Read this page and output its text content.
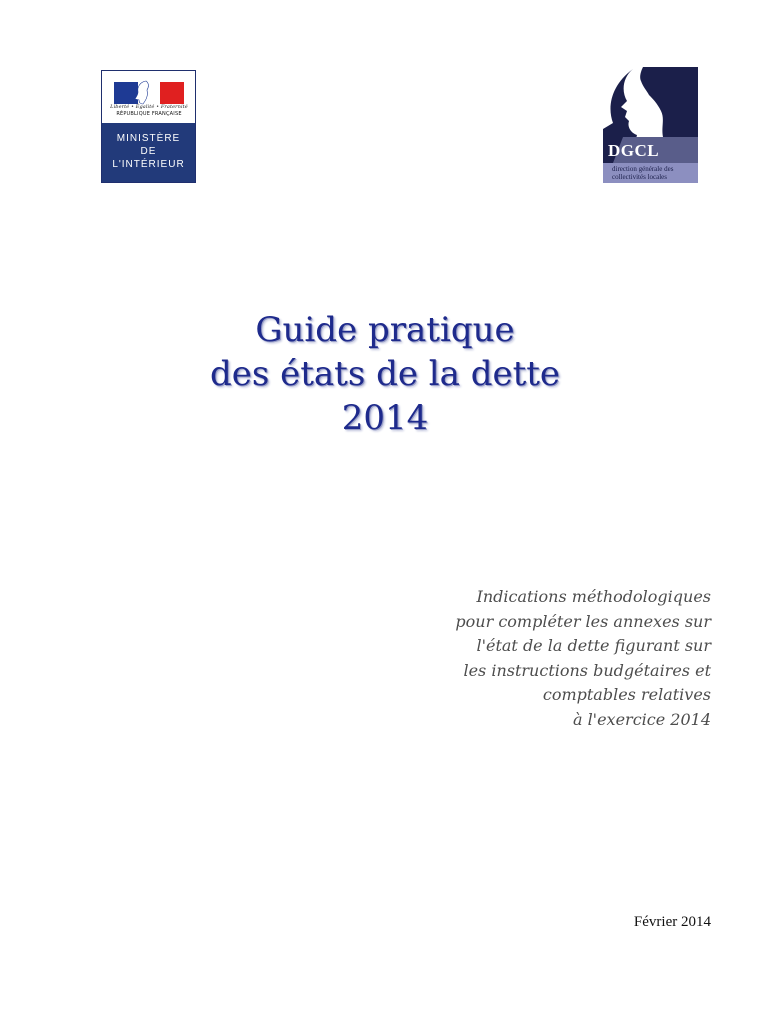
Liberté • Égalité • Fraternité
RÉPUBLIQUE FRANÇAISE
MINISTÈRE
DE
L'INTÉRIEUR
DGCL
direction générale des
collectivités locales
Guide pratique
des états de la dette
2014
Indications méthodologiques
pour compléter les annexes sur
l'état de la dette figurant sur
les instructions budgétaires et
comptables relatives
à l'exercice 2014
Février 2014
